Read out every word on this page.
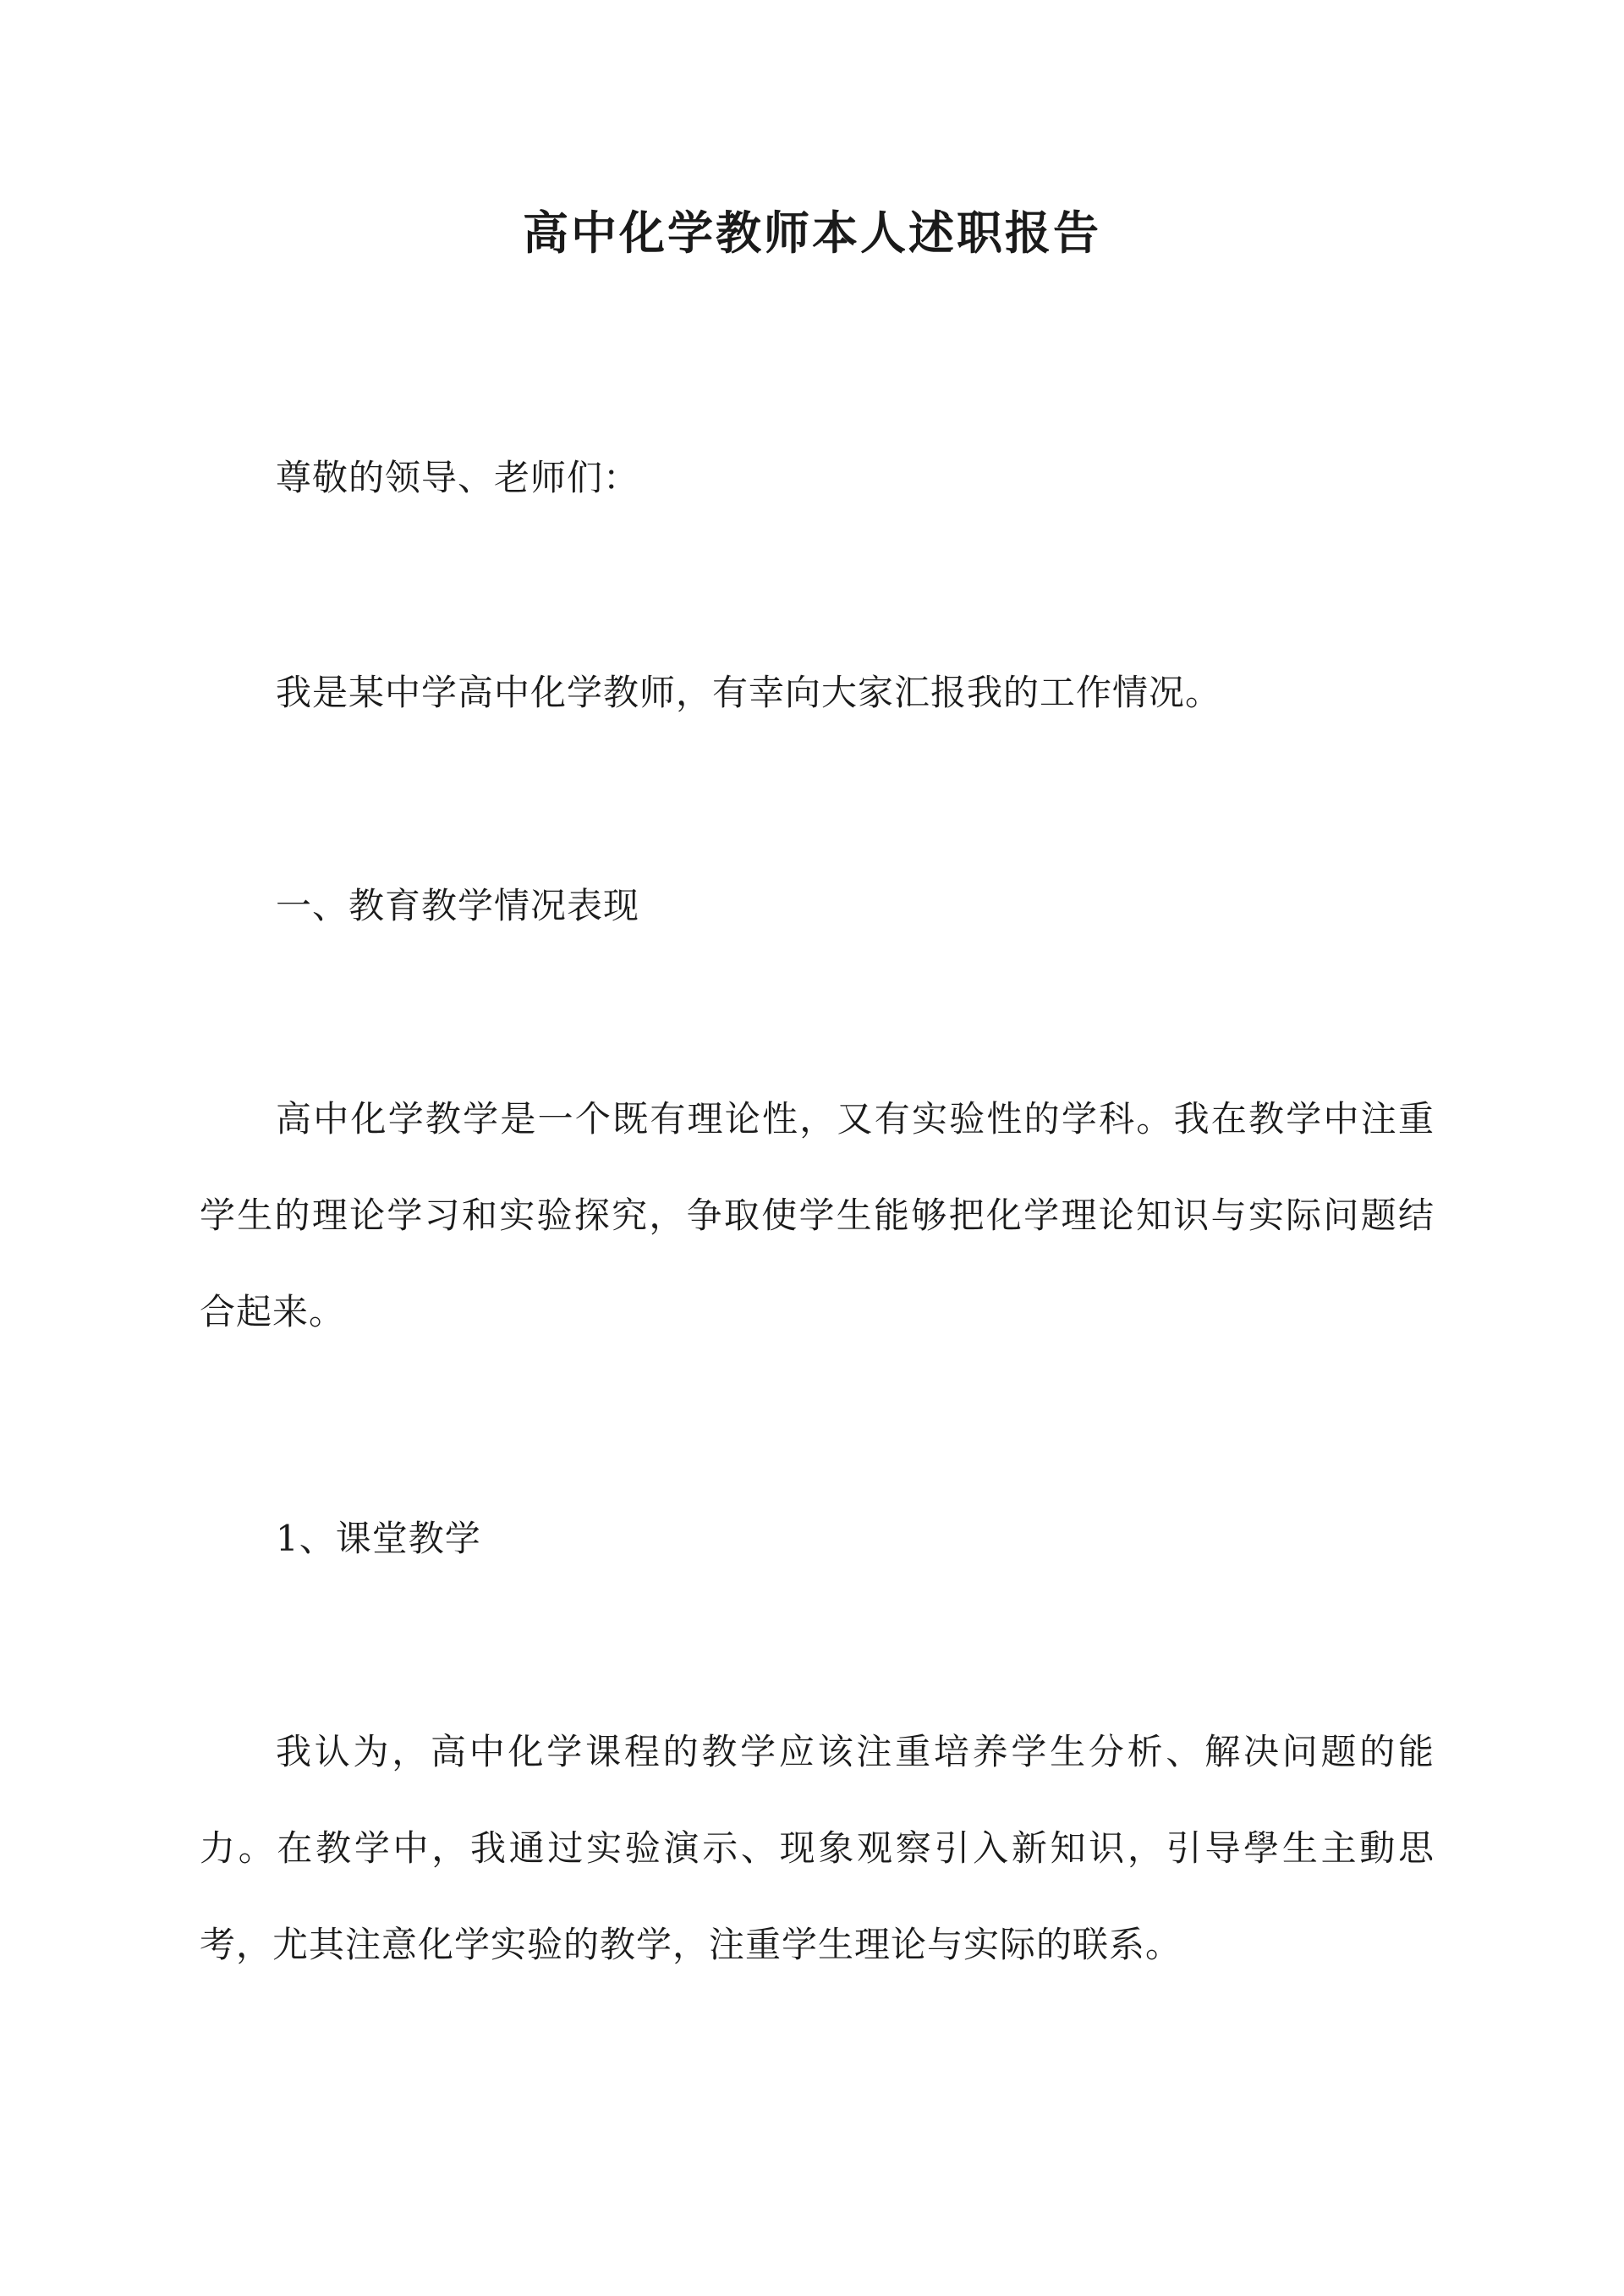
高中化学教师本人述职报告

尊敬的领导、老师们：

我是某中学高中化学教师，有幸向大家汇报我的工作情况。

一、教育教学情况表现

高中化学教学是一个既有理论性，又有实验性的学科。我在教学中注重学生的理论学习和实验探究，争取使学生能够把化学理论知识与实际问题结合起来。

1、课堂教学

我认为，高中化学课程的教学应该注重培养学生分析、解决问题的能力。在教学中，我通过实验演示、现象观察引入新知识，引导學生主動思考，尤其注意化学实验的教学，注重学生理论与实际的联系。
